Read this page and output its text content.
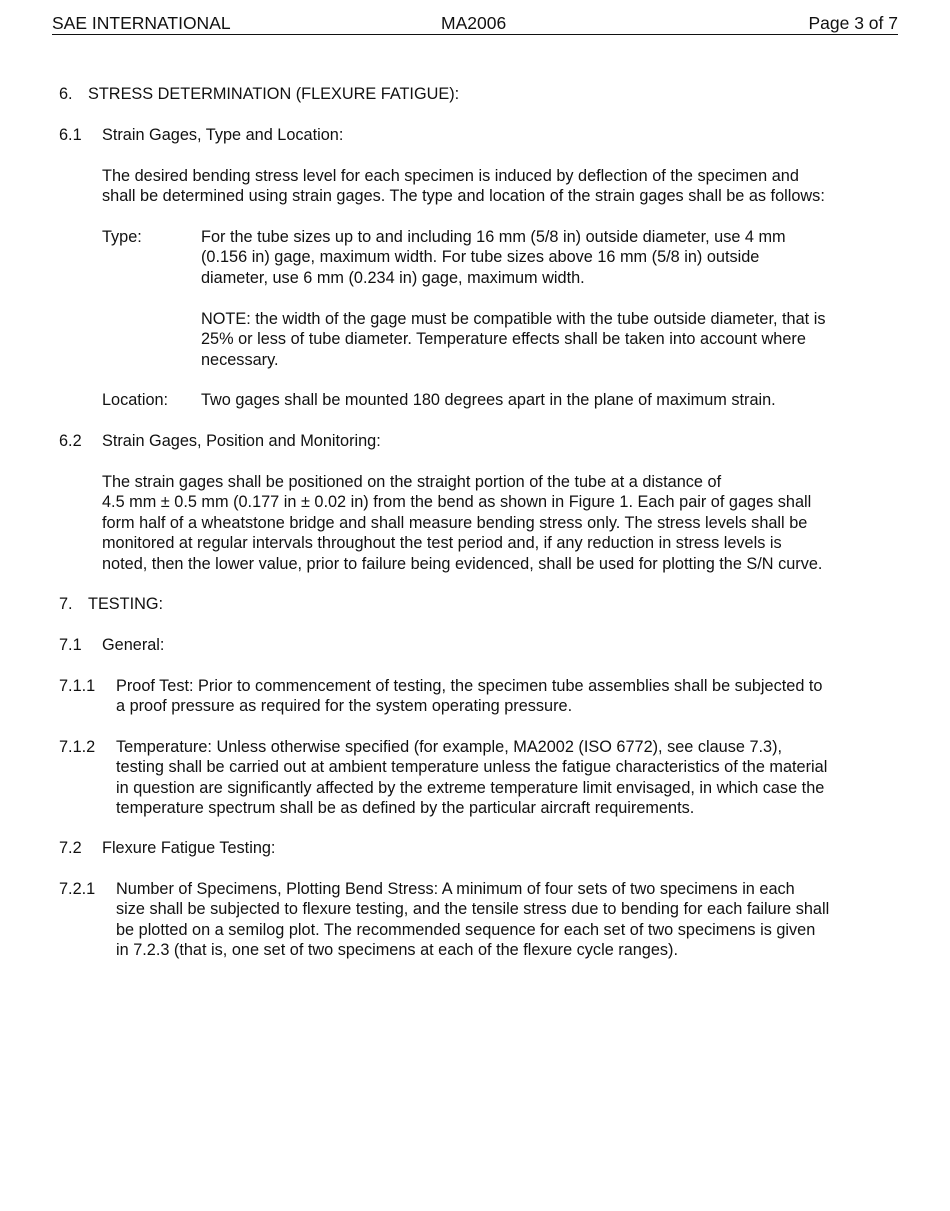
SAE INTERNATIONAL	MA2006	Page 3 of 7
6. STRESS DETERMINATION (FLEXURE FATIGUE):
6.1 Strain Gages, Type and Location:
The desired bending stress level for each specimen is induced by deflection of the specimen and
shall be determined using strain gages. The type and location of the strain gages shall be as follows:
Type:	For the tube sizes up to and including 16 mm (5/8 in) outside diameter, use 4 mm
(0.156 in) gage, maximum width. For tube sizes above 16 mm (5/8 in) outside
diameter, use 6 mm (0.234 in) gage, maximum width.
NOTE: the width of the gage must be compatible with the tube outside diameter, that is
25% or less of tube diameter. Temperature effects shall be taken into account where
necessary.
Location: Two gages shall be mounted 180 degrees apart in the plane of maximum strain.
6.2 Strain Gages, Position and Monitoring:
The strain gages shall be positioned on the straight portion of the tube at a distance of
4.5 mm ± 0.5 mm (0.177 in ± 0.02 in) from the bend as shown in Figure 1. Each pair of gages shall
form half of a wheatstone bridge and shall measure bending stress only. The stress levels shall be
monitored at regular intervals throughout the test period and, if any reduction in stress levels is
noted, then the lower value, prior to failure being evidenced, shall be used for plotting the S/N curve.
7. TESTING:
7.1 General:
7.1.1 Proof Test: Prior to commencement of testing, the specimen tube assemblies shall be subjected to
a proof pressure as required for the system operating pressure.
7.1.2 Temperature: Unless otherwise specified (for example, MA2002 (ISO 6772), see clause 7.3),
testing shall be carried out at ambient temperature unless the fatigue characteristics of the material
in question are significantly affected by the extreme temperature limit envisaged, in which case the
temperature spectrum shall be as defined by the particular aircraft requirements.
7.2 Flexure Fatigue Testing:
7.2.1 Number of Specimens, Plotting Bend Stress: A minimum of four sets of two specimens in each
size shall be subjected to flexure testing, and the tensile stress due to bending for each failure shall
be plotted on a semilog plot. The recommended sequence for each set of two specimens is given
in 7.2.3 (that is, one set of two specimens at each of the flexure cycle ranges).
